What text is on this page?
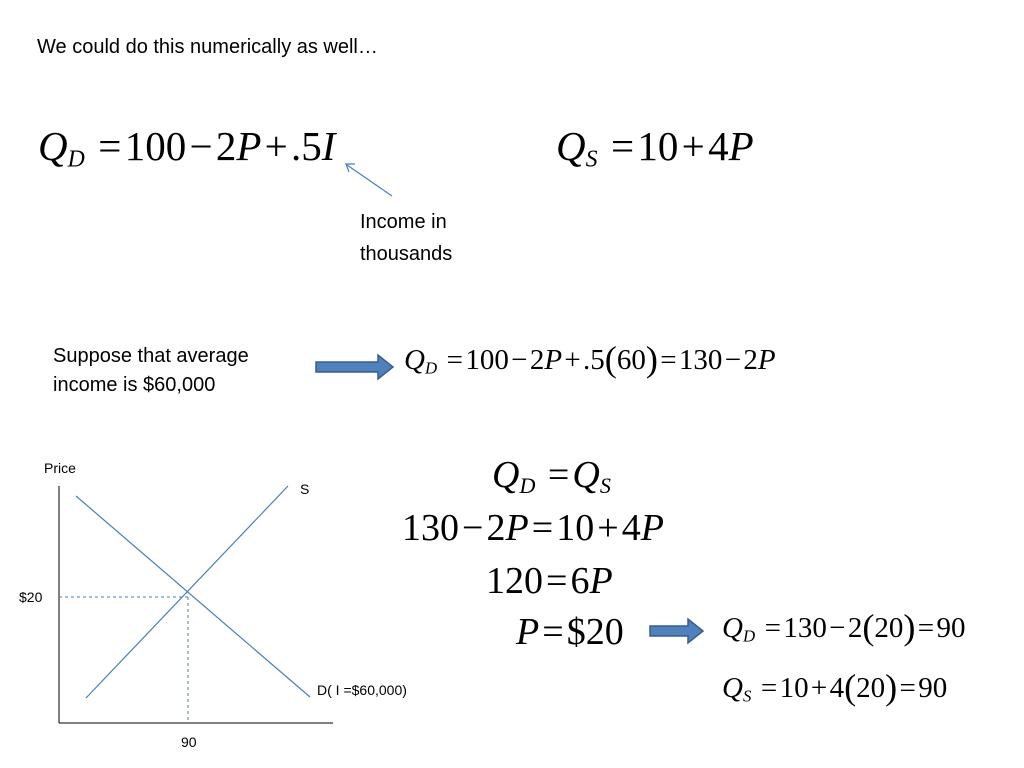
We could do this numerically as well…
$Q_D =100-2P+.5I$	$Q_S =10+4P$
Income in thousands
Suppose that average income is $60,000
$Q_D =100-2P+.5(60)=130-2P$
$Q_D =Q_S$
130−2P=10+4P
120=6P
P=$20	$Q_D =130-2(20)=90$
$Q_S =10+4(20)=90$
Price
S
D( I =$60,000)
$20
90
